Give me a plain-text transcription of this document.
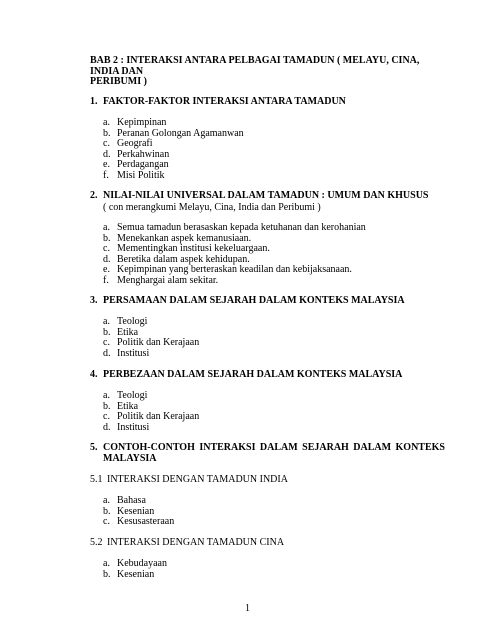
BAB 2 : INTERAKSI ANTARA PELBAGAI TAMADUN ( MELAYU, CINA, INDIA DAN
PERIBUMI )
1. FAKTOR-FAKTOR INTERAKSI ANTARA TAMADUN
a. Kepimpinan
b. Peranan Golongan Agamanwan
c. Geografi
d. Perkahwinan
e. Perdagangan
f. Misi Politik
2. NILAI-NILAI UNIVERSAL DALAM TAMADUN : UMUM DAN KHUSUS
( con merangkumi Melayu, Cina, India dan Peribumi )
a. Semua tamadun berasaskan kepada ketuhanan dan kerohanian
b. Menekankan aspek kemanusiaan.
c. Mementingkan institusi kekeluargaan.
d. Beretika dalam aspek kehidupan.
e. Kepimpinan yang berteraskan keadilan dan kebijaksanaan.
f. Menghargai alam sekitar.
3. PERSAMAAN DALAM SEJARAH DALAM KONTEKS MALAYSIA
a. Teologi
b. Etika
c. Politik dan Kerajaan
d. Institusi
4. PERBEZAAN DALAM SEJARAH DALAM KONTEKS MALAYSIA
a. Teologi
b. Etika
c. Politik dan Kerajaan
d. Institusi
5. CONTOH-CONTOH INTERAKSI DALAM SEJARAH DALAM KONTEKS
MALAYSIA
5.1 INTERAKSI DENGAN TAMADUN INDIA
a. Bahasa
b. Kesenian
c. Kesusasteraan
5.2 INTERAKSI DENGAN TAMADUN CINA
a. Kebudayaan
b. Kesenian
1
